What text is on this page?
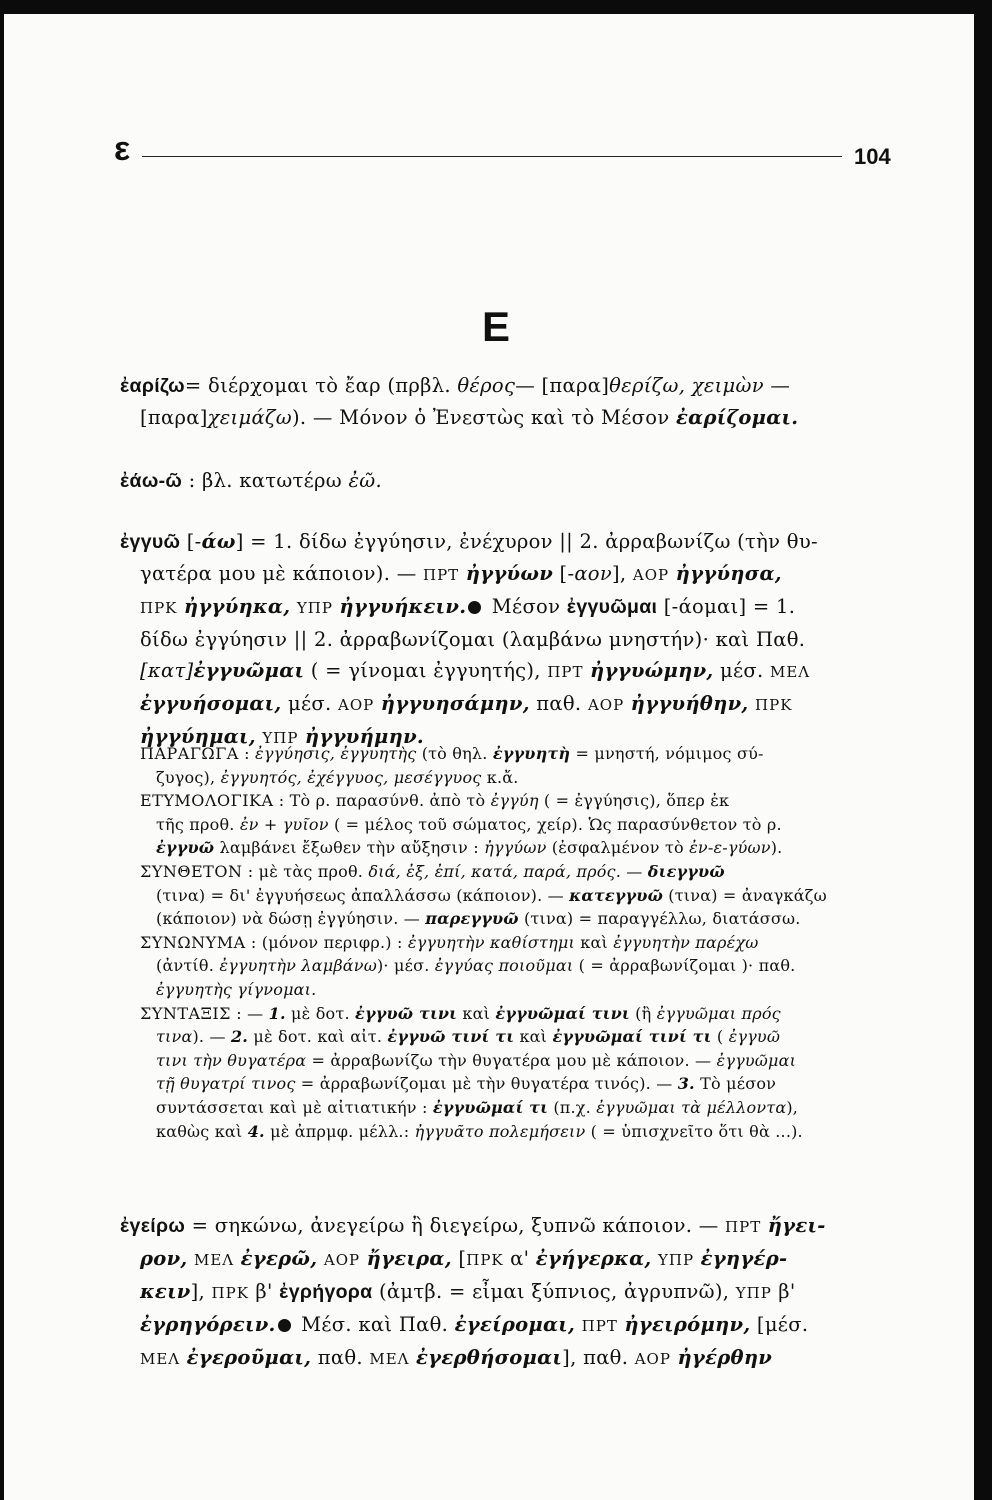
ε	104
Ε
ἐαρίζω= διέρχομαι τὸ ἔαρ (πρβλ. θέρος— [παρα]θερίζω, χειμὼν —
[παρα]χειμάζω). — Μόνον ὁ Ἐνεστὼς καὶ τὸ Μέσον ἐαρίζομαι.
ἐάω-ῶ : βλ. κατωτέρω ἐῶ.
ἐγγυῶ [-άω] = 1. δίδω ἐγγύησιν, ἐνέχυρον || 2. ἀρραβωνίζω (τὴν θυ-
γατέρα μου μὲ κάποιον). — ΠΡΤ ἠγγύων [-αον], ΑΟΡ ἠγγύησα,
ΠΡΚ ἠγγύηκα, ΥΠΡ ἠγγυήκειν. Μέσον ἐγγυῶμαι [-άομαι] = 1.
δίδω ἐγγύησιν || 2. ἀρραβωνίζομαι (λαμβάνω μνηστήν)· καὶ Παθ.
[κατ]ἐγγυῶμαι ( = γίνομαι ἐγγυητής), ΠΡΤ ἠγγυώμην, μέσ. ΜΕΛ
ἐγγυήσομαι, μέσ. ΑΟΡ ἠγγυησάμην, παθ. ΑΟΡ ἠγγυήθην, ΠΡΚ
ἠγγύημαι, ΥΠΡ ἠγγυήμην.
ΠΑΡΑΓΩΓΑ : ἐγγύησις, ἐγγυητὴς (τὸ θηλ. ἐγγυητὴ = μνηστή, νόμιμος σύ-
ζυγος), ἐγγυητός, ἐχέγγυος, μεσέγγυος κ.ἄ.
ΕΤΥΜΟΛΟΓΙΚΑ : Τὸ ρ. παρασύνθ. ἀπὸ τὸ ἐγγύη ( = ἐγγύησις), ὅπερ ἐκ
τῆς προθ. ἐν + γυῖον ( = μέλος τοῦ σώματος, χείρ). Ὡς παρασύνθετον τὸ ρ.
ἐγγυῶ λαμβάνει ἔξωθεν τὴν αὔξησιν : ἠγγύων (ἐσφαλμένον τὸ ἐν-ε-γύων).
ΣΥΝΘΕΤΟΝ : μὲ τὰς προθ. διά, ἐξ, ἐπί, κατά, παρά, πρός. — διεγγυῶ
(τινα) = δι' ἐγγυήσεως ἀπαλλάσσω (κάποιον). — κατεγγυῶ (τινα) = ἀναγκάζω
(κάποιον) νὰ δώσῃ ἐγγύησιν. — παρεγγυῶ (τινα) = παραγγέλλω, διατάσσω.
ΣΥΝΩΝΥΜΑ : (μόνον περιφρ.) : ἐγγυητὴν καθίστημι καὶ ἐγγυητὴν παρέχω
(ἀντίθ. ἐγγυητὴν λαμβάνω)· μέσ. ἐγγύας ποιοῦμαι ( = ἀρραβωνίζομαι )· παθ.
ἐγγυητὴς γίγνομαι.
ΣΥΝΤΑΞΙΣ : — 1. μὲ δοτ. ἐγγυῶ τινι καὶ ἐγγυῶμαί τινι (ἢ ἐγγυῶμαι πρός
τινα). — 2. μὲ δοτ. καὶ αἰτ. ἐγγυῶ τινί τι καὶ ἐγγυῶμαί τινί τι ( ἐγγυῶ
τινι τὴν θυγατέρα = ἀρραβωνίζω τὴν θυγατέρα μου μὲ κάποιον. — ἐγγυῶμαι
τῇ θυγατρί τινος = ἀρραβωνίζομαι μὲ τὴν θυγατέρα τινός). — 3. Τὸ μέσον
συντάσσεται καὶ μὲ αἰτιατικήν : ἐγγυῶμαί τι (π.χ. ἐγγυῶμαι τὰ μέλλοντα),
καθὼς καὶ 4. μὲ ἀπρμφ. μέλλ.: ἠγγυᾶτο πολεμήσειν ( = ὑπισχνεῖτο ὅτι θὰ ...).
ἐγείρω = σηκώνω, ἀνεγείρω ἢ διεγείρω, ξυπνῶ κάποιον. — ΠΡΤ ἤγει-
ρον, ΜΕΛ ἐγερῶ, ΑΟΡ ἤγειρα, [ΠΡΚ α' ἐγήγερκα, ΥΠΡ ἐγηγέρ-
κειν], ΠΡΚ β' ἐγρήγορα (ἀμτβ. = εἶμαι ξύπνιος, ἀγρυπνῶ), ΥΠΡ β'
ἐγρηγόρειν. Μέσ. καὶ Παθ. ἐγείρομαι, ΠΡΤ ἠγειρόμην, [μέσ.
ΜΕΛ ἐγεροῦμαι, παθ. ΜΕΛ ἐγερθήσομαι], παθ. ΑΟΡ ἠγέρθην
